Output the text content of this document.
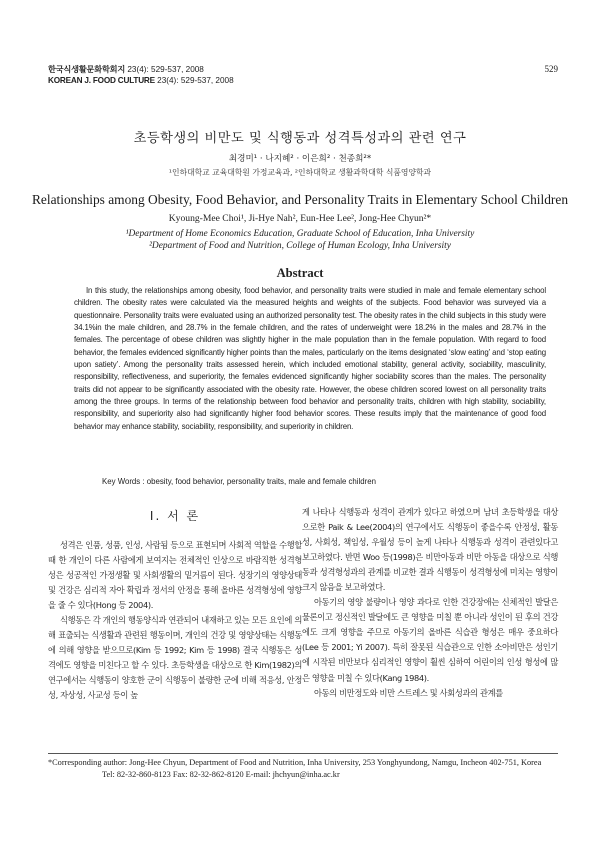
한국식생활문화학회지 23(4): 529-537, 2008
KOREAN J. FOOD CULTURE 23(4): 529-537, 2008
529
초등학생의 비만도 및 식행동과 성격특성과의 관련 연구
최경미¹ · 나지혜² · 이은희² · 천종희²*
¹인하대학교 교육대학원 가정교육과, ²인하대학교 생활과학대학 식품영양학과
Relationships among Obesity, Food Behavior, and Personality Traits in Elementary School Children
Kyoung-Mee Choi¹, Ji-Hye Nah², Eun-Hee Lee², Jong-Hee Chyun²*
¹Department of Home Economics Education, Graduate School of Education, Inha University
²Department of Food and Nutrition, College of Human Ecology, Inha University
Abstract

In this study, the relationships among obesity, food behavior, and personality traits were studied in male and female elementary school children. The obesity rates were calculated via the measured heights and weights of the subjects. Food behavior was surveyed via a questionnaire. Personality traits were evaluated using an authorized personality test. The obesity rates in the child subjects in this study were 34.1%in the male children, and 28.7% in the female children, and the rates of underweight were 18.2% in the males and 28.7% in the females. The percentage of obese children was slightly higher in the male population than in the female population. With regard to food behavior, the females evidenced significantly higher points than the males, particularly on the items designated ‘slow eating’ and ‘stop eating upon satiety’. Among the personality traits assessed herein, which included emotional stability, general activity, sociability, masculinity, responsibility, reflectiveness, and superiority, the females evidenced significantly higher sociability scores than the males. The personality traits did not appear to be significantly associated with the obesity rate. However, the obese children scored lowest on all personality traits among the three groups. In terms of the relationship between food behavior and personality traits, children with high stability, sociability, responsibility, and superiority also had significantly higher food behavior scores. These results imply that the maintenance of good food behavior may enhance stability, sociability, responsibility, and superiority in children.

Key Words : obesity, food behavior, personality traits, male and female children
Ⅰ. 서 론

성격은 인품, 성품, 인성, 사람됨 등으로 표현되며 사회적 역할을 수행할 때 한 개인이 다른 사람에게 보여지는 전체적인 인상으로 바람직한 성격형성은 성공적인 가정생활 및 사회생활의 밑거름이 된다. 성장기의 영양상태 및 건강은 심리적 자아 확립과 정서의 안정을 통해 올바른 성격형성에 영향을 줄 수 있다(Hong 등 2004).

식행동은 각 개인의 행동양식과 연관되어 내재하고 있는 모든 요인에 의해 표출되는 식생활과 관련된 행동이며, 개인의 건강 및 영양상태는 식행동에 의해 영향을 받으므로(Kim 등 1992; Kim 등 1998) 결국 식행동은 성격에도 영향을 미친다고 할 수 있다. 초등학생을 대상으로 한 Kim(1982)의 연구에서는 식행동이 양호한 군이 식행동이 불량한 군에 비해 적응성, 안정성, 자상성, 사교성 등이 높

게 나타나 식행동과 성격이 관계가 있다고 하였으며 남녀 초등학생을 대상으로한 Paik & Lee(2004)의 연구에서도 식행동이 좋을수록 안정성, 활동성, 사회성, 책임성, 우월성 등이 높게 나타나 식행동과 성격이 관련있다고 보고하였다. 반면 Woo 등(1998)은 비만아동과 비만 아동을 대상으로 식행동과 성격형성과의 관계를 비교한 결과 식행동이 성격형성에 미치는 영향이 크지 않음을 보고하였다.

아동기의 영양 불량이나 영양 과다로 인한 건강장애는 신체적인 발달은 물론이고 정신적인 발달에도 큰 영향을 미칠 뿐 아니라 성인이 된 후의 건강에도 크게 영향을 주므로 아동기의 올바른 식습관 형성은 매우 중요하다(Lee 등 2001; Yi 2007). 특히 잘못된 식습관으로 인한 소아비만은 성인기에 시작된 비만보다 심리적인 영향이 훨씬 심하여 어린이의 인성 형성에 많은 영향을 미칠 수 있다(Kang 1984).

아동의 비만정도와 비만 스트레스 및 사회성과의 관계를

*Corresponding author: Jong-Hee Chyun, Department of Food and Nutrition, Inha University, 253 Yonghyundong, Namgu, Incheon 402-751, Korea
Tel: 82-32-860-8123 Fax: 82-32-862-8120 E-mail: jhchyun@inha.ac.kr
